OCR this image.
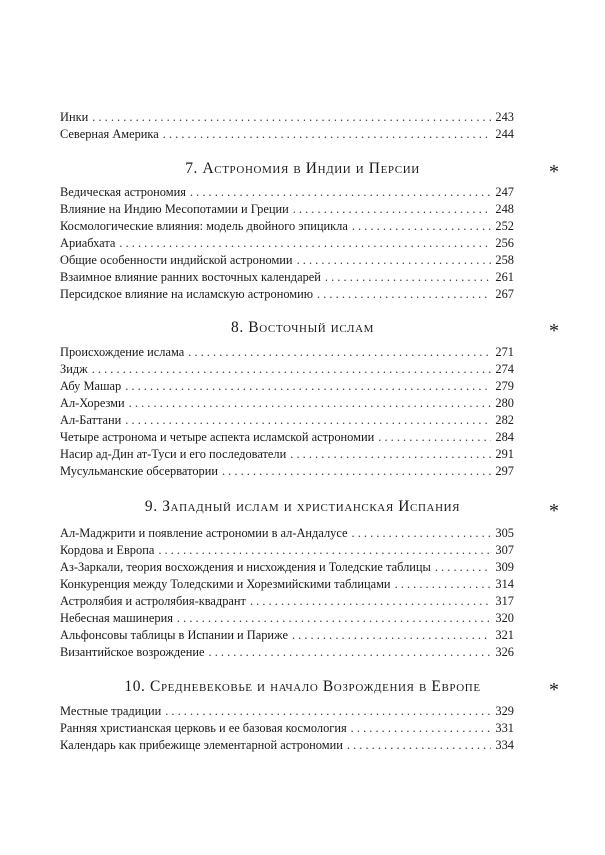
Инки . . .	243
Северная Америка . . .	244
7. Астрономия в Индии и Персии	*
Ведическая астрономия . . .	247
Влияние на Индию Месопотамии и Греции . . .	248
Космологические влияния: модель двойного эпицикла . . .	252
Ариабхата . . .	256
Общие особенности индийской астрономии . . .	258
Взаимное влияние ранних восточных календарей . . .	261
Персидское влияние на исламскую астрономию . . .	267
8. Восточный ислам	*
Происхождение ислама . . .	271
Зидж . . .	274
Абу Машар . . .	279
Ал-Хорезми . . .	280
Ал-Баттани . . .	282
Четыре астронома и четыре аспекта исламской астрономии . . .	284
Насир ад-Дин ат-Туси и его последователи . . .	291
Мусульманские обсерватории . . .	297
9. Западный ислам и христианская Испания	*
Ал-Маджрити и появление астрономии в ал-Андалусе . . .	305
Кордова и Европа . . .	307
Аз-Заркали, теория восхождения и нисхождения и Толедские таблицы . . .	309
Конкуренция между Толедскими и Хорезмийскими таблицами . . .	314
Астролябия и астролябия-квадрант . . .	317
Небесная машинерия . . .	320
Альфонсовы таблицы в Испании и Париже . . .	321
Византийское возрождение . . .	326
10. Средневековье и начало Возрождения в Европе	*
Местные традиции . . .	329
Ранняя христианская церковь и ее базовая космология . . .	331
Календарь как прибежище элементарной астрономии . . .	334
